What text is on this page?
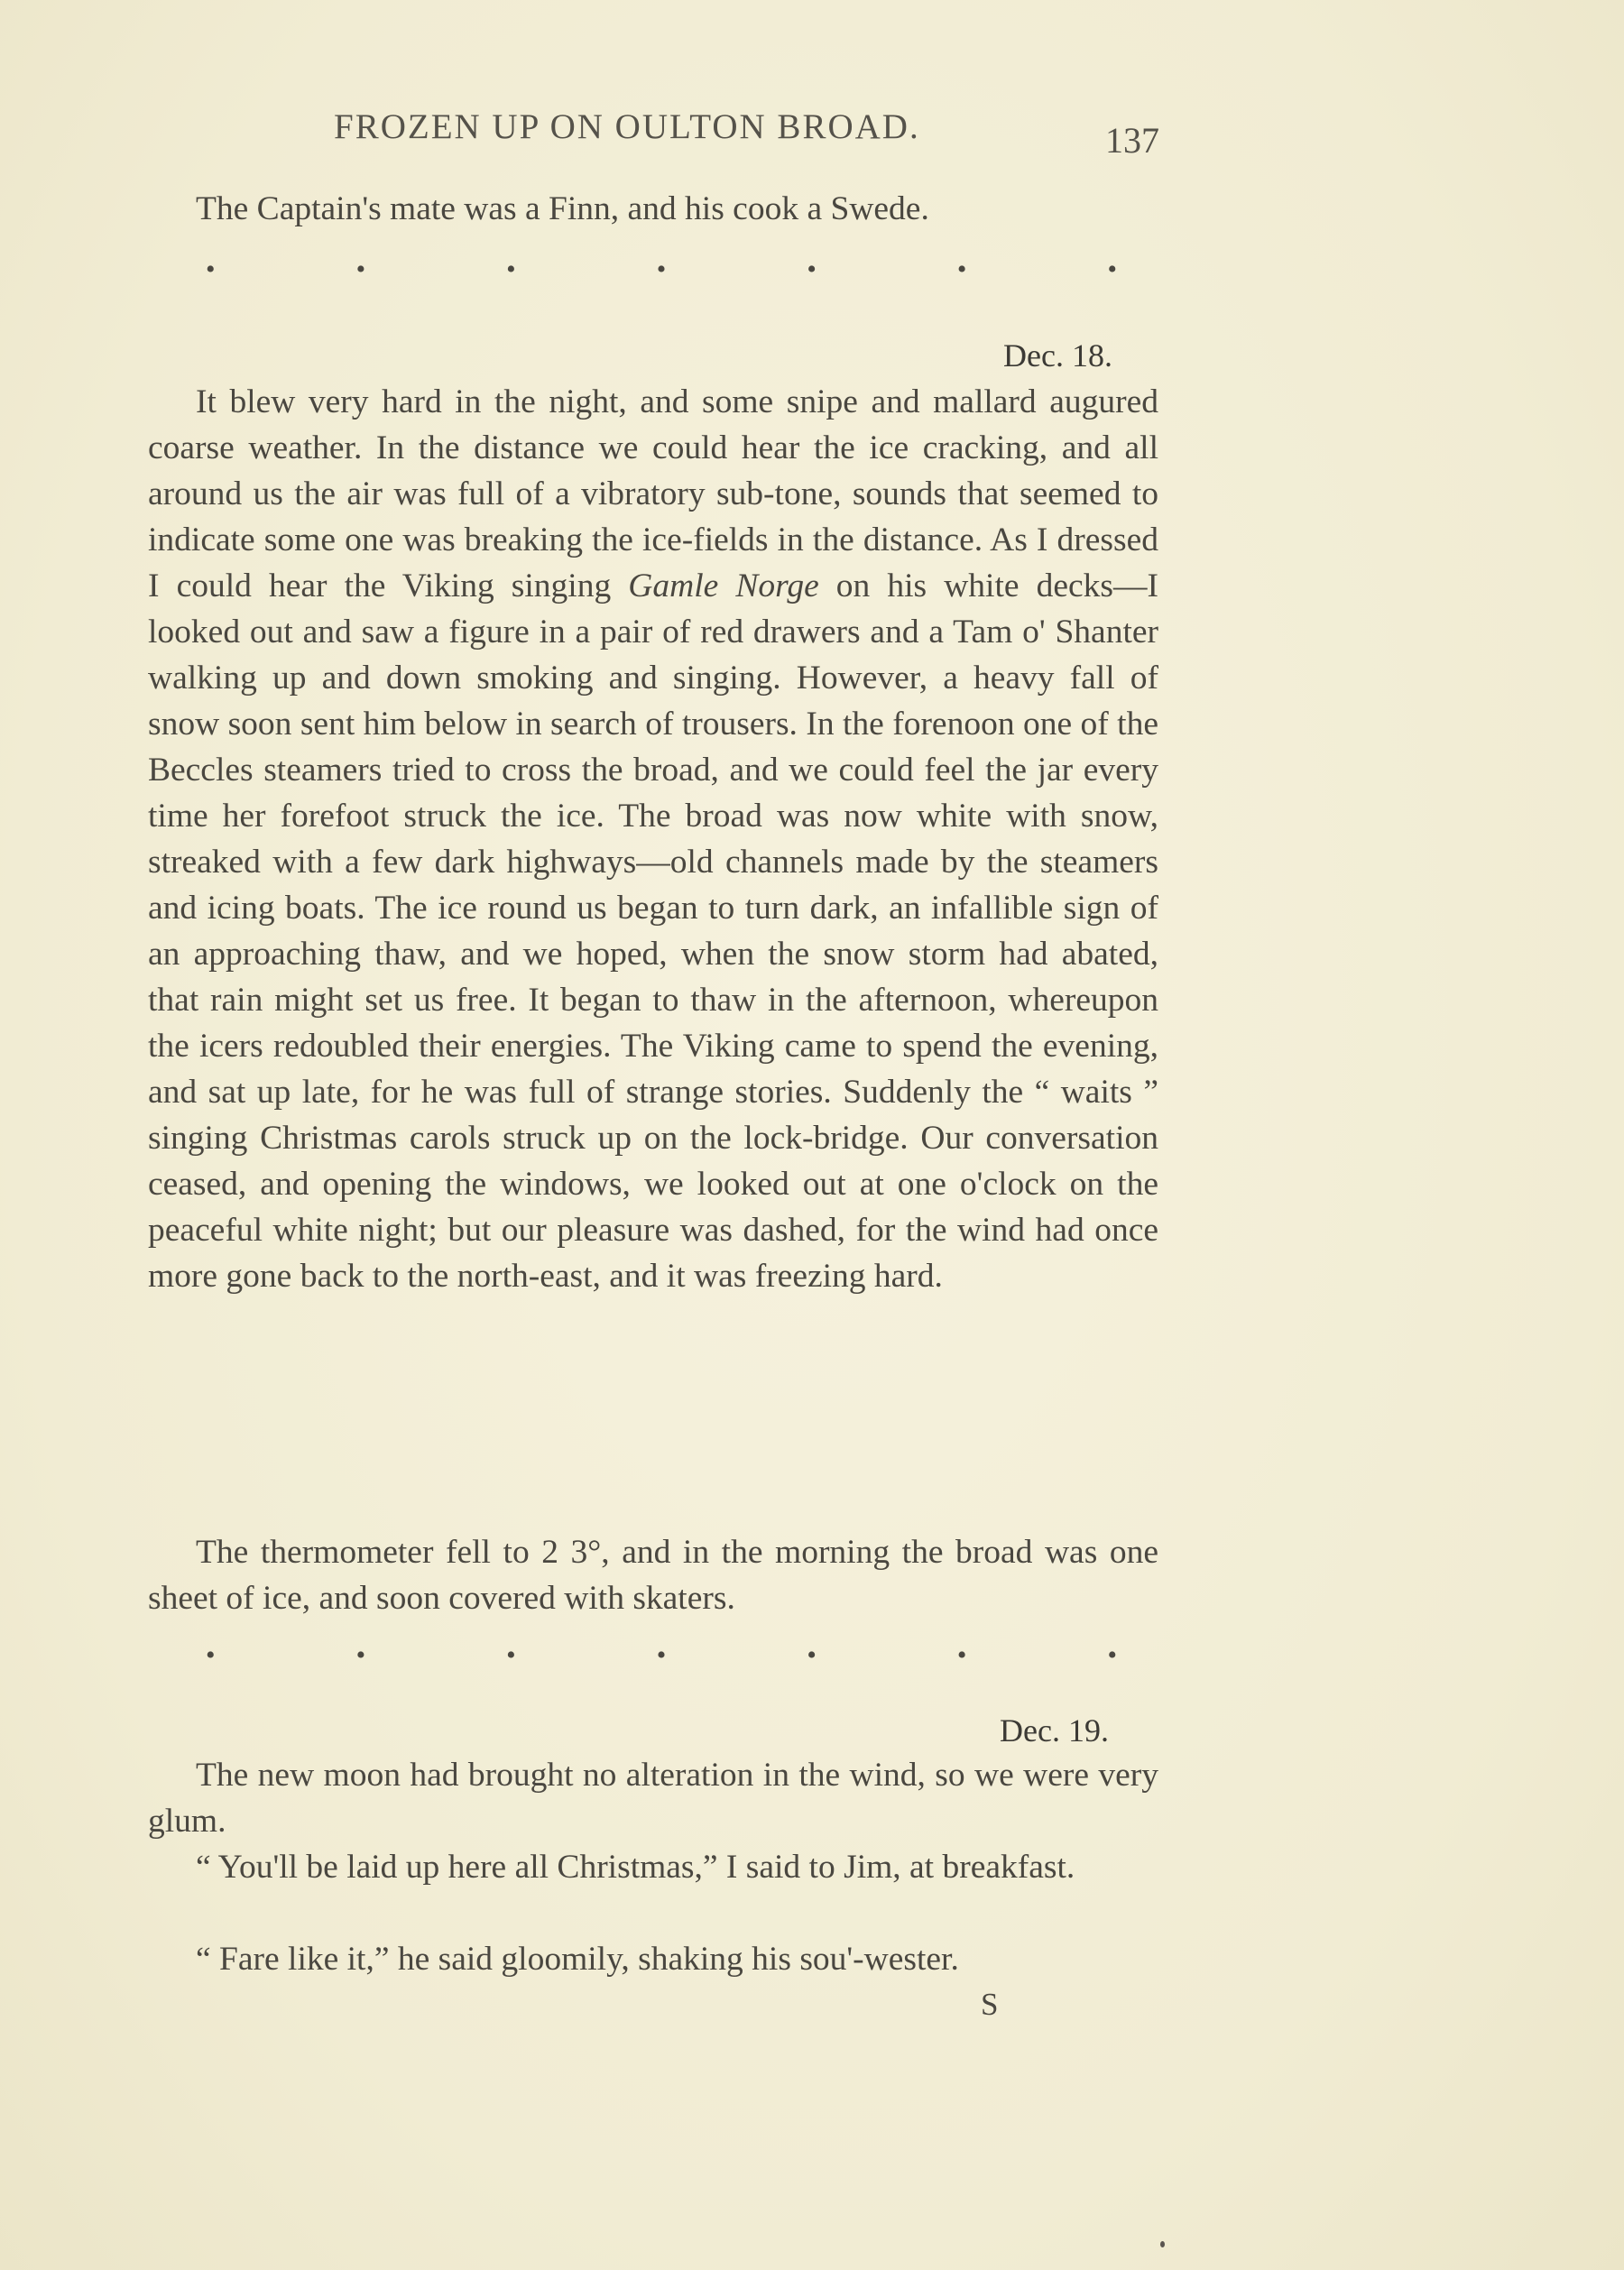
FROZEN UP ON OULTON BROAD.	137

The Captain's mate was a Finn, and his cook a Swede.

•	•	•	•	•	•	•
Dec. 18.

It blew very hard in the night, and some snipe and mallard augured coarse weather. In the distance we could hear the ice cracking, and all around us the air was full of a vibratory sub-tone, sounds that seemed to indicate some one was breaking the ice-fields in the distance. As I dressed I could hear the Viking singing Gamle Norge on his white decks—I looked out and saw a figure in a pair of red drawers and a Tam o' Shanter walking up and down smoking and singing. However, a heavy fall of snow soon sent him below in search of trousers. In the forenoon one of the Beccles steamers tried to cross the broad, and we could feel the jar every time her forefoot struck the ice. The broad was now white with snow, streaked with a few dark highways—old channels made by the steamers and icing boats. The ice round us began to turn dark, an infallible sign of an approaching thaw, and we hoped, when the snow storm had abated, that rain might set us free. It began to thaw in the afternoon, whereupon the icers redoubled their energies. The Viking came to spend the evening, and sat up late, for he was full of strange stories. Suddenly the “ waits ” singing Christmas carols struck up on the lock-bridge. Our conversation ceased, and opening the windows, we looked out at one o'clock on the peaceful white night; but our pleasure was dashed, for the wind had once more gone back to the north-east, and it was freezing hard.

The thermometer fell to 2 3°, and in the morning the broad was one sheet of ice, and soon covered with skaters.

•	•	•	•	•	•	•
Dec. 19.

The new moon had brought no alteration in the wind, so we were very glum.

“ You'll be laid up here all Christmas,” I said to Jim, at breakfast.

“ Fare like it,” he said gloomily, shaking his sou'-wester.

S
